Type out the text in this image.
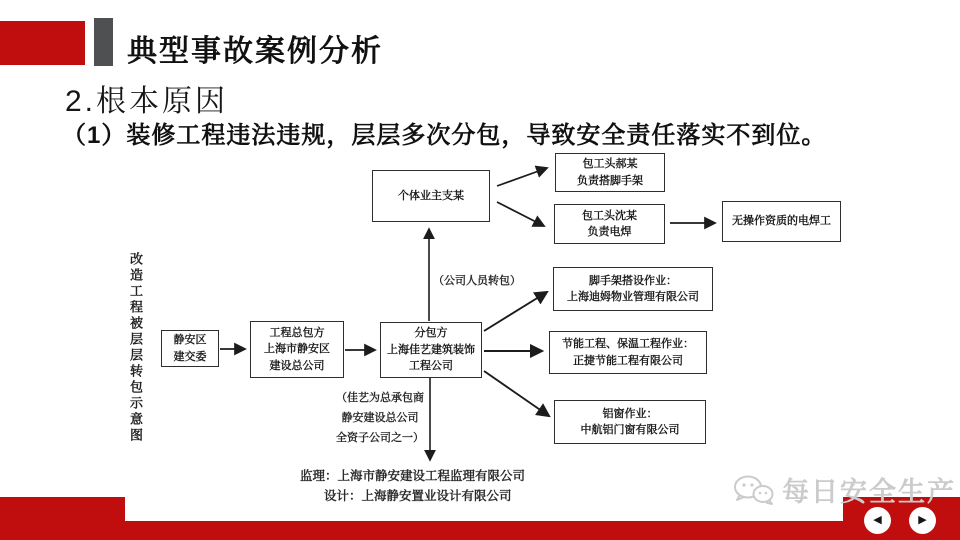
典型事故案例分析
2.根本原因
（1）装修工程违法违规，层层多次分包，导致安全责任落实不到位。
改造工程被层层转包示意图	静安区
建交委
工程总包方
上海市静安区
建设总公司
分包方
上海佳艺建筑装饰
工程公司
个体业主支某
包工头郝某
负责搭脚手架
包工头沈某
负责电焊
无操作资质的电焊工
脚手架搭设作业：
上海迪姆物业管理有限公司
节能工程、保温工程作业：
正捷节能工程有限公司
铝窗作业：
中航铝门窗有限公司
（公司人员转包）
（佳艺为总承包商
静安建设总公司
全资子公司之一）
监理：上海市静安建设工程监理有限公司
设计：上海静安置业设计有限公司	每日安全生产
◀	▶
